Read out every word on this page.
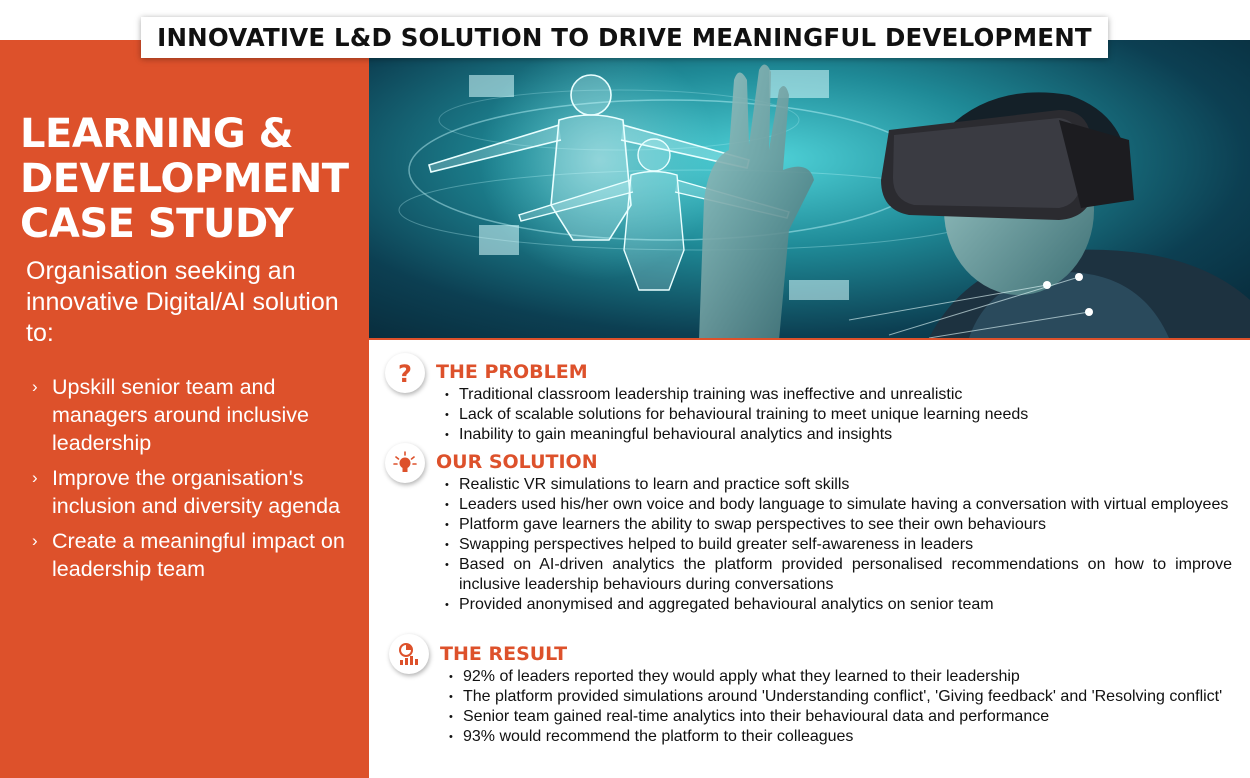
INNOVATIVE L&D SOLUTION TO DRIVE MEANINGFUL DEVELOPMENT
LEARNING &
DEVELOPMENT
CASE STUDY
Organisation seeking an innovative Digital/AI solution to:
› Upskill senior team and managers around inclusive leadership
› Improve the organisation's inclusion and diversity agenda
› Create a meaningful impact on leadership team
? THE PROBLEM
• Traditional classroom leadership training was ineffective and unrealistic
• Lack of scalable solutions for behavioural training to meet unique learning needs
• Inability to gain meaningful behavioural analytics and insights
OUR SOLUTION
• Realistic VR simulations to learn and practice soft skills
• Leaders used his/her own voice and body language to simulate having a conversation with virtual employees
• Platform gave learners the ability to swap perspectives to see their own behaviours
• Swapping perspectives helped to build greater self-awareness in leaders
• Based on AI-driven analytics the platform provided personalised recommendations on how to improve inclusive leadership behaviours during conversations
• Provided anonymised and aggregated behavioural analytics on senior team
THE RESULT
• 92% of leaders reported they would apply what they learned to their leadership
• The platform provided simulations around 'Understanding conflict', 'Giving feedback' and 'Resolving conflict'
• Senior team gained real-time analytics into their behavioural data and performance
• 93% would recommend the platform to their colleagues
